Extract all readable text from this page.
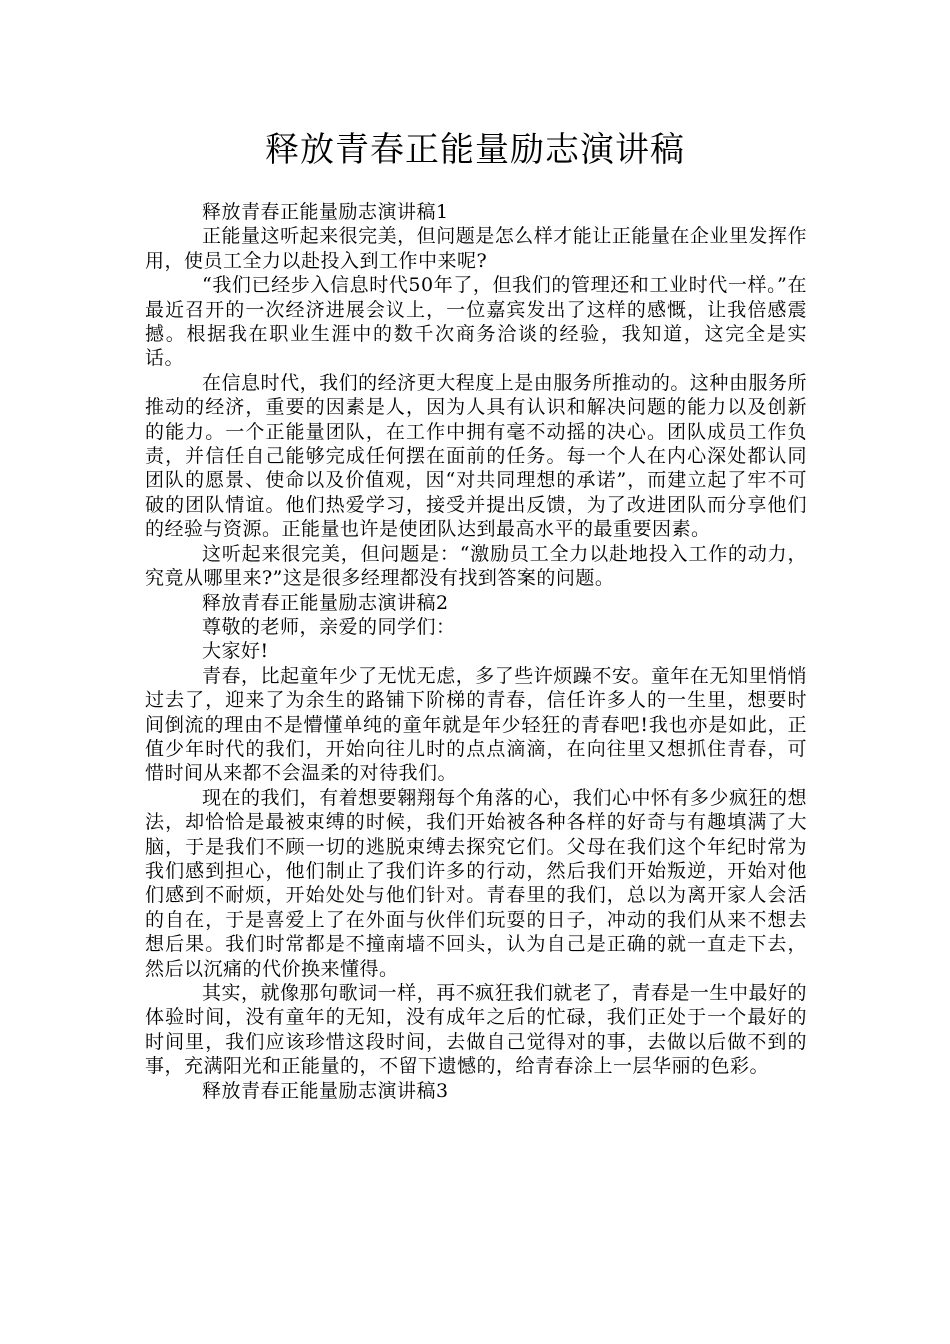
释放青春正能量励志演讲稿

释放青春正能量励志演讲稿1

正能量这听起来很完美，但问题是怎么样才能让正能量在企业里发挥作用，使员工全力以赴投入到工作中来呢?

“我们已经步入信息时代50年了，但我们的管理还和工业时代一样。”在最近召开的一次经济进展会议上，一位嘉宾发出了这样的感慨，让我倍感震撼。根据我在职业生涯中的数千次商务洽谈的经验，我知道，这完全是实话。

在信息时代，我们的经济更大程度上是由服务所推动的。这种由服务所推动的经济，重要的因素是人，因为人具有认识和解决问题的能力以及创新的能力。一个正能量团队，在工作中拥有毫不动摇的决心。团队成员工作负责，并信任自己能够完成任何摆在面前的任务。每一个人在内心深处都认同团队的愿景、使命以及价值观，因“对共同理想的承诺”，而建立起了牢不可破的团队情谊。他们热爱学习，接受并提出反馈，为了改进团队而分享他们的经验与资源。正能量也许是使团队达到最高水平的最重要因素。

这听起来很完美，但问题是：“激励员工全力以赴地投入工作的动力，究竟从哪里来?”这是很多经理都没有找到答案的问题。

释放青春正能量励志演讲稿2

尊敬的老师，亲爱的同学们：

大家好!

青春，比起童年少了无忧无虑，多了些许烦躁不安。童年在无知里悄悄过去了，迎来了为余生的路铺下阶梯的青春，信任许多人的一生里，想要时间倒流的理由不是懵懂单纯的童年就是年少轻狂的青春吧!我也亦是如此，正值少年时代的我们，开始向往儿时的点点滴滴，在向往里又想抓住青春，可惜时间从来都不会温柔的对待我们。

现在的我们，有着想要翱翔每个角落的心，我们心中怀有多少疯狂的想法，却恰恰是最被束缚的时候，我们开始被各种各样的好奇与有趣填满了大脑，于是我们不顾一切的逃脱束缚去探究它们。父母在我们这个年纪时常为我们感到担心，他们制止了我们许多的行动，然后我们开始叛逆，开始对他们感到不耐烦，开始处处与他们针对。青春里的我们，总以为离开家人会活的自在，于是喜爱上了在外面与伙伴们玩耍的日子，冲动的我们从来不想去想后果。我们时常都是不撞南墙不回头，认为自己是正确的就一直走下去，然后以沉痛的代价换来懂得。

其实，就像那句歌词一样，再不疯狂我们就老了，青春是一生中最好的体验时间，没有童年的无知，没有成年之后的忙碌，我们正处于一个最好的时间里，我们应该珍惜这段时间，去做自己觉得对的事，去做以后做不到的事，充满阳光和正能量的，不留下遗憾的，给青春涂上一层华丽的色彩。

释放青春正能量励志演讲稿3
